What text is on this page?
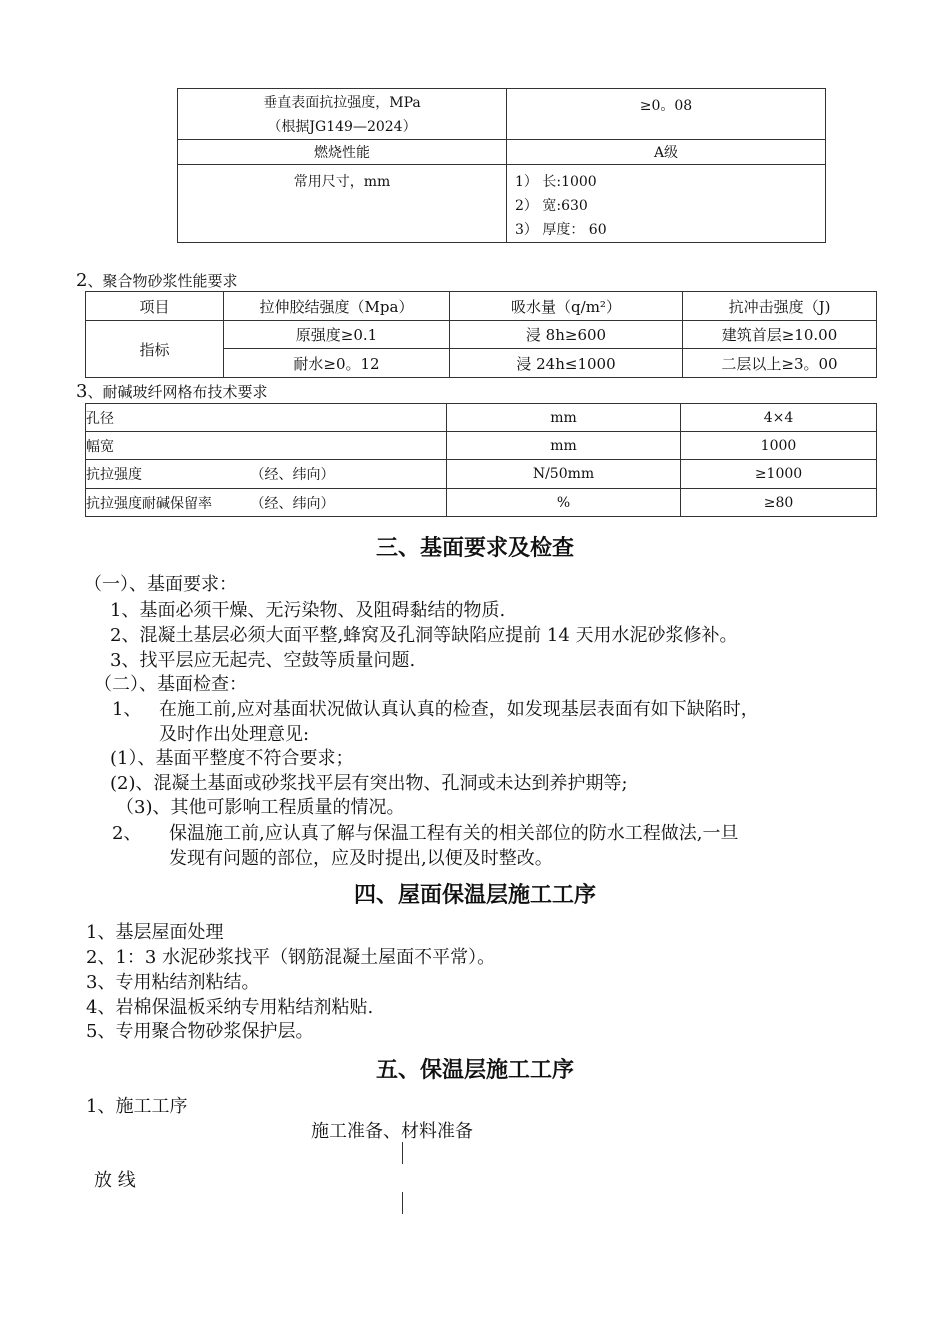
垂直表面抗拉强度，MPa
（根据JG149—2024）	≥0。08

燃烧性能	A级

常用尺寸，mm	1） 长:1000
2） 宽:630
3） 厚度： 60
2、聚合物砂浆性能要求
项目	拉伸胶结强度（Mpa）	吸水量（q/m²）	抗冲击强度（J)
指标	原强度≥0.1	浸 8h≥600	建筑首层≥10.00
	耐水≥0。12	浸 24h≤1000	二层以上≥3。00
3、耐碱玻纤网格布技术要求
孔径	mm	4×4
幅宽	mm	1000
抗拉强度 （经、纬向）	N/50mm	≥1000
抗拉强度耐碱保留率 （经、纬向）	%	≥80
三、基面要求及检查
（一）、基面要求：
1、基面必须干燥、无污染物、及阻碍黏结的物质.
2、混凝土基层必须大面平整,蜂窝及孔洞等缺陷应提前 14 天用水泥砂浆修补。
3、找平层应无起壳、空鼓等质量问题.
（二）、基面检查：
1、 在施工前,应对基面状况做认真认真的检查，如发现基层表面有如下缺陷时，
及时作出处理意见:
(1）、基面平整度不符合要求；
(2)、混凝土基面或砂浆找平层有突出物、孔洞或未达到养护期等;
（3)、其他可影响工程质量的情况。
2、 保温施工前,应认真了解与保温工程有关的相关部位的防水工程做法,一旦
发现有问题的部位，应及时提出,以便及时整改。
四、屋面保温层施工工序
1、基层屋面处理
2、1：3 水泥砂浆找平（钢筋混凝土屋面不平常）。
3、专用粘结剂粘结。
4、岩棉保温板采纳专用粘结剂粘贴.
5、专用聚合物砂浆保护层。
五、保温层施工工序
1、施工工序
施工准备、材料准备
放 线
